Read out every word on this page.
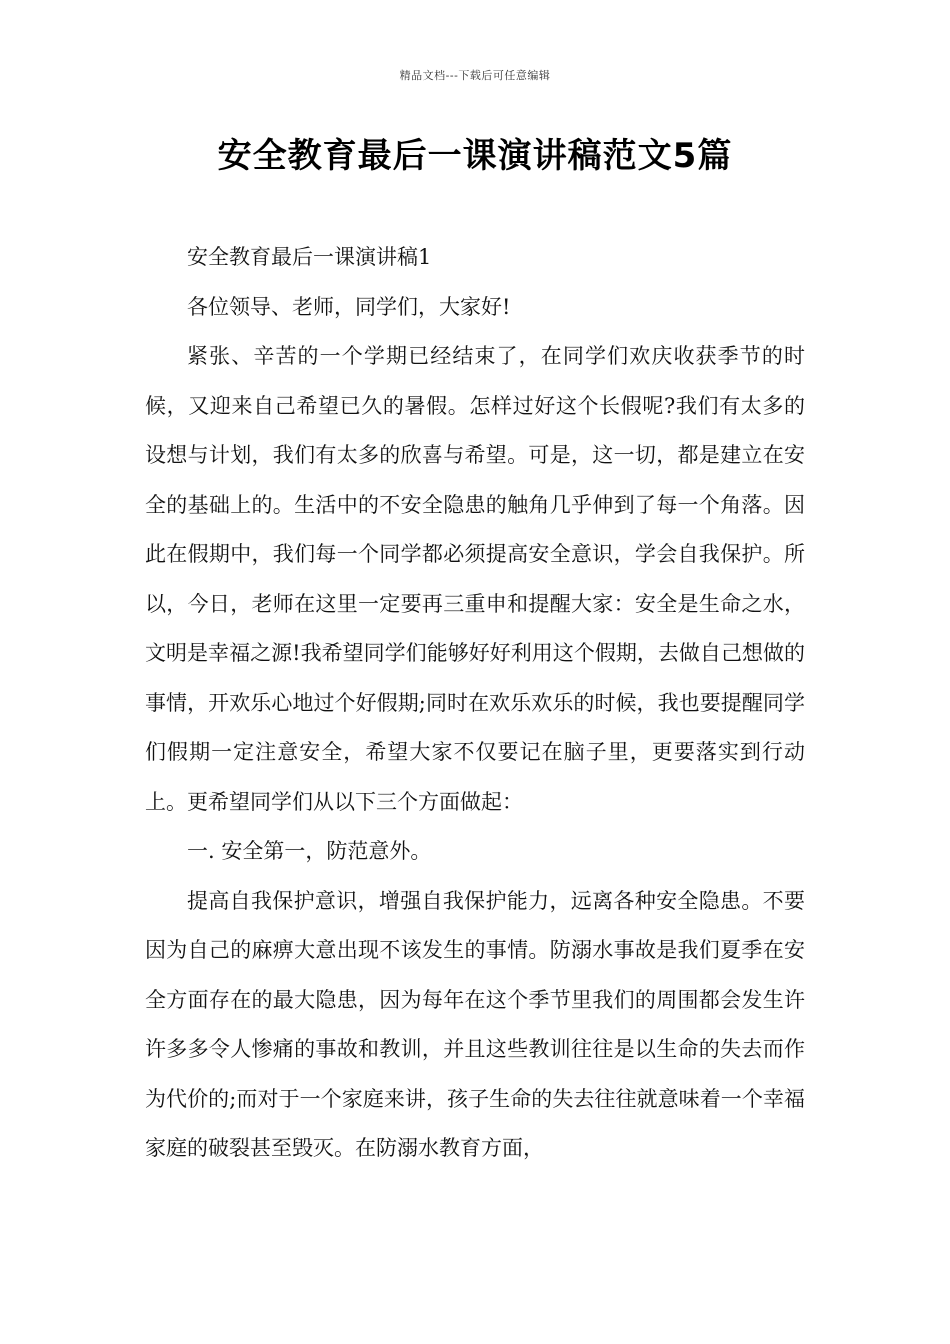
精品文档---下载后可任意编辑
安全教育最后一课演讲稿范文5篇

安全教育最后一课演讲稿1

各位领导、老师，同学们，大家好!

紧张、辛苦的一个学期已经结束了，在同学们欢庆收获季节的时候，又迎来自己希望已久的暑假。怎样过好这个长假呢?我们有太多的设想与计划，我们有太多的欣喜与希望。可是，这一切，都是建立在安全的基础上的。生活中的不安全隐患的触角几乎伸到了每一个角落。因此在假期中，我们每一个同学都必须提高安全意识，学会自我保护。所以，今日，老师在这里一定要再三重申和提醒大家：安全是生命之水，文明是幸福之源!我希望同学们能够好好利用这个假期，去做自己想做的事情，开欢乐心地过个好假期;同时在欢乐欢乐的时候，我也要提醒同学们假期一定注意安全，希望大家不仅要记在脑子里，更要落实到行动上。更希望同学们从以下三个方面做起：

一. 安全第一，防范意外。

提高自我保护意识，增强自我保护能力，远离各种安全隐患。不要因为自己的麻痹大意出现不该发生的事情。防溺水事故是我们夏季在安全方面存在的最大隐患，因为每年在这个季节里我们的周围都会发生许许多多令人惨痛的事故和教训，并且这些教训往往是以生命的失去而作为代价的;而对于一个家庭来讲，孩子生命的失去往往就意味着一个幸福家庭的破裂甚至毁灭。在防溺水教育方面，
